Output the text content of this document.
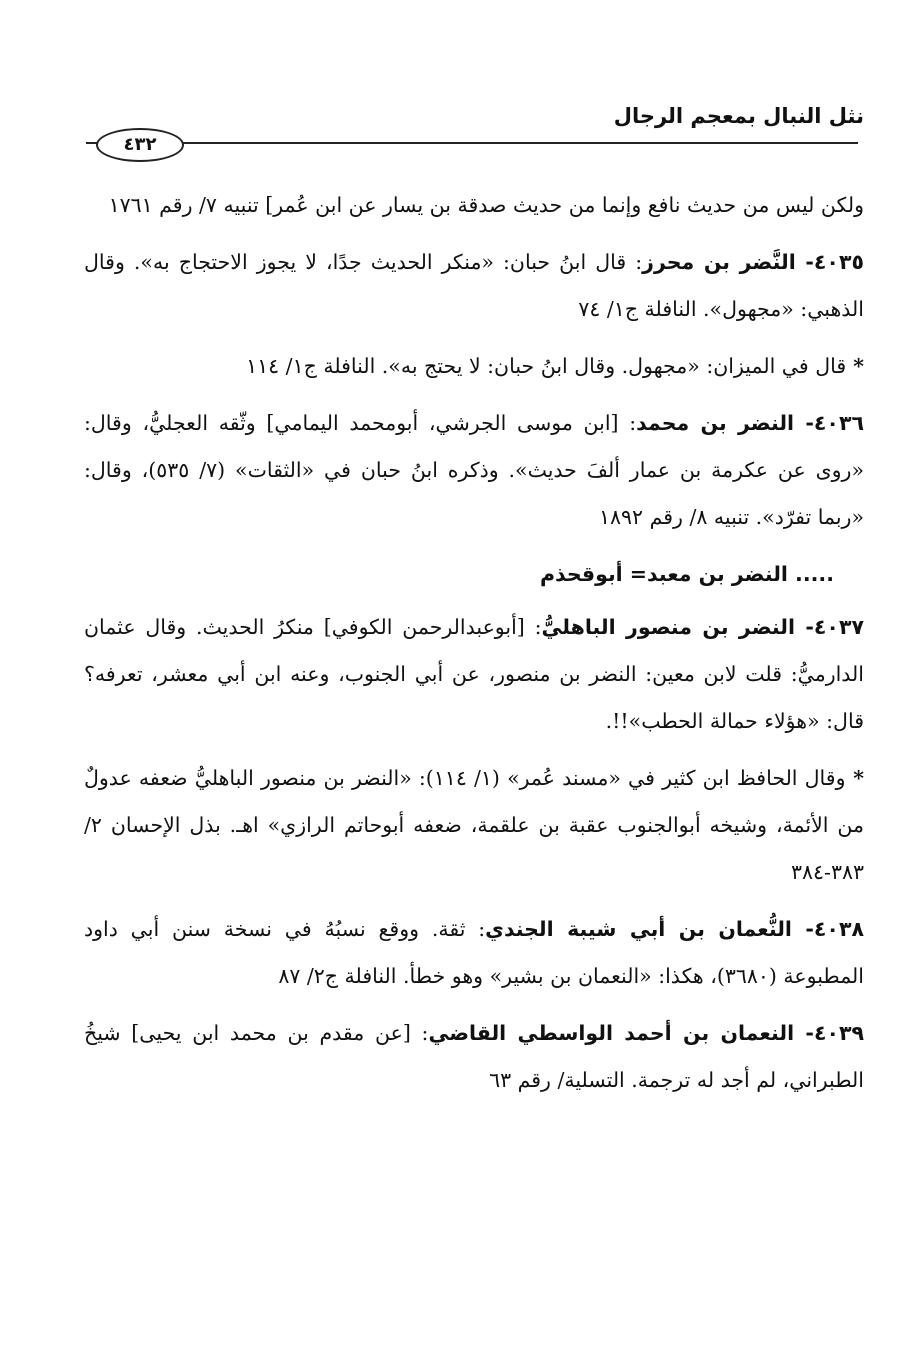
نثل النبال بمعجم الرجال
٤٣٢

ولكن ليس من حديث نافع وإنما من حديث صدقة بن يسار عن ابن عُمر] تنبيه ٧/ رقم ١٧٦١

٤٠٣٥- النَّضر بن محرز: قال ابنُ حبان: «منكر الحديث جدًا، لا يجوز الاحتجاج به». وقال الذهبي: «مجهول». النافلة ج١/ ٧٤

* قال في الميزان: «مجهول. وقال ابنُ حبان: لا يحتج به». النافلة ج١/ ١١٤

٤٠٣٦- النضر بن محمد: [ابن موسى الجرشي، أبومحمد اليمامي] وثّقه العجليُّ، وقال: «روى عن عكرمة بن عمار ألفَ حديث». وذكره ابنُ حبان في «الثقات» (٧/ ٥٣٥)، وقال: «ربما تفرّد». تنبيه ٨/ رقم ١٨٩٢

..... النضر بن معبد= أبوقحذم

٤٠٣٧- النضر بن منصور الباهليُّ: [أبوعبدالرحمن الكوفي] منكرُ الحديث. وقال عثمان الدارميُّ: قلت لابن معين: النضر بن منصور، عن أبي الجنوب، وعنه ابن أبي معشر، تعرفه؟ قال: «هؤلاء حمالة الحطب»!!.

* وقال الحافظ ابن كثير في «مسند عُمر» (١/ ١١٤): «النضر بن منصور الباهليُّ ضعفه عدولٌ من الأئمة، وشيخه أبوالجنوب عقبة بن علقمة، ضعفه أبوحاتم الرازي» اهـ. بذل الإحسان ٢/ ٣٨٣-٣٨٤

٤٠٣٨- النُّعمان بن أبي شيبة الجندي: ثقة. ووقع نسبُهُ في نسخة سنن أبي داود المطبوعة (٣٦٨٠)، هكذا: «النعمان بن بشير» وهو خطأ. النافلة ج٢/ ٨٧

٤٠٣٩- النعمان بن أحمد الواسطي القاضي: [عن مقدم بن محمد ابن يحيى] شيخُ الطبراني، لم أجد له ترجمة. التسلية/ رقم ٦٣
